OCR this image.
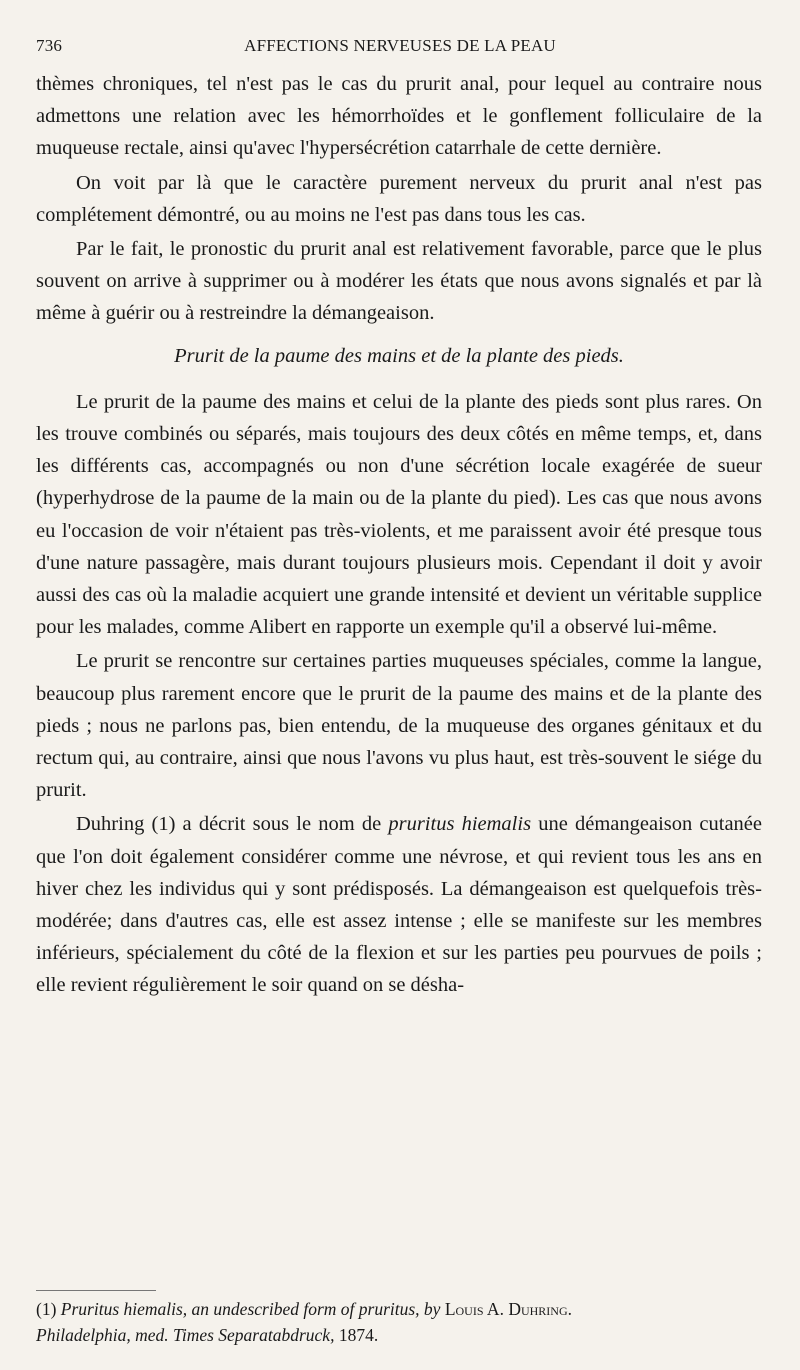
736	AFFECTIONS NERVEUSES DE LA PEAU

thèmes chroniques, tel n'est pas le cas du prurit anal, pour lequel au contraire nous admettons une relation avec les hémorrhoïdes et le gonflement folliculaire de la muqueuse rectale, ainsi qu'avec l'hypersécrétion catarrhale de cette dernière.

On voit par là que le caractère purement nerveux du prurit anal n'est pas complétement démontré, ou au moins ne l'est pas dans tous les cas.

Par le fait, le pronostic du prurit anal est relativement favorable, parce que le plus souvent on arrive à supprimer ou à modérer les états que nous avons signalés et par là même à guérir ou à restreindre la démangeaison.

Prurit de la paume des mains et de la plante des pieds.

Le prurit de la paume des mains et celui de la plante des pieds sont plus rares. On les trouve combinés ou séparés, mais toujours des deux côtés en même temps, et, dans les différents cas, accompagnés ou non d'une sécrétion locale exagérée de sueur (hyperhydrose de la paume de la main ou de la plante du pied). Les cas que nous avons eu l'occasion de voir n'étaient pas très-violents, et me paraissent avoir été presque tous d'une nature passagère, mais durant toujours plusieurs mois. Cependant il doit y avoir aussi des cas où la maladie acquiert une grande intensité et devient un véritable supplice pour les malades, comme Alibert en rapporte un exemple qu'il a observé lui-même.

Le prurit se rencontre sur certaines parties muqueuses spéciales, comme la langue, beaucoup plus rarement encore que le prurit de la paume des mains et de la plante des pieds ; nous ne parlons pas, bien entendu, de la muqueuse des organes génitaux et du rectum qui, au contraire, ainsi que nous l'avons vu plus haut, est très-souvent le siége du prurit.

Duhring (1) a décrit sous le nom de pruritus hiemalis une démangeaison cutanée que l'on doit également considérer comme une névrose, et qui revient tous les ans en hiver chez les individus qui y sont prédisposés. La démangeaison est quelquefois très-modérée; dans d'autres cas, elle est assez intense ; elle se manifeste sur les membres inférieurs, spécialement du côté de la flexion et sur les parties peu pourvues de poils ; elle revient régulièrement le soir quand on se désha-

(1) Pruritus hiemalis, an undescribed form of pruritus, by Louis A. Duhring.
Philadelphia, med. Times Separatabdruck, 1874.
